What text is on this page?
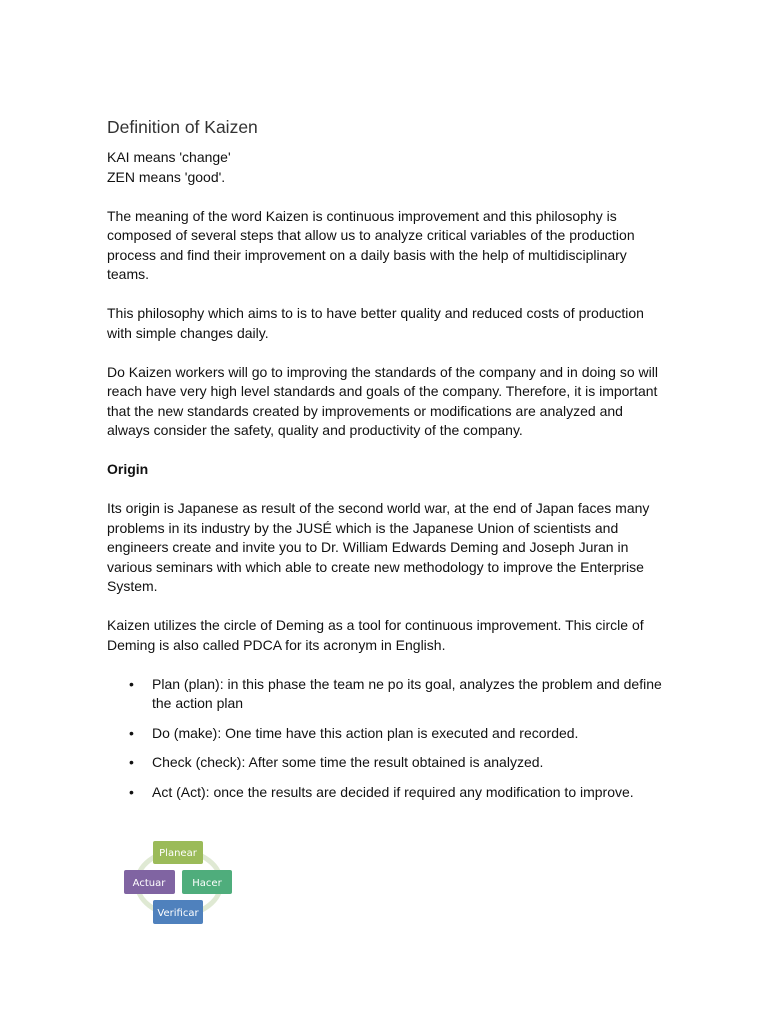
Definition of Kaizen

KAI means 'change'
ZEN means 'good'.

The meaning of the word Kaizen is continuous improvement and this philosophy is composed of several steps that allow us to analyze critical variables of the production process and find their improvement on a daily basis with the help of multidisciplinary teams.

This philosophy which aims to is to have better quality and reduced costs of production with simple changes daily.

Do Kaizen workers will go to improving the standards of the company and in doing so will reach have very high level standards and goals of the company. Therefore, it is important that the new standards created by improvements or modifications are analyzed and always consider the safety, quality and productivity of the company.

Origin

Its origin is Japanese as result of the second world war, at the end of Japan faces many problems in its industry by the JUSÉ which is the Japanese Union of scientists and engineers create and invite you to Dr. William Edwards Deming and Joseph Juran in various seminars with which able to create new methodology to improve the Enterprise System.

Kaizen utilizes the circle of Deming as a tool for continuous improvement. This circle of Deming is also called PDCA for its acronym in English.

• Plan (plan): in this phase the team ne po its goal, analyzes the problem and define the action plan
• Do (make): One time have this action plan is executed and recorded.
• Check (check): After some time the result obtained is analyzed.
• Act (Act): once the results are decided if required any modification to improve.
Planear
Hacer
Verificar
Actuar
